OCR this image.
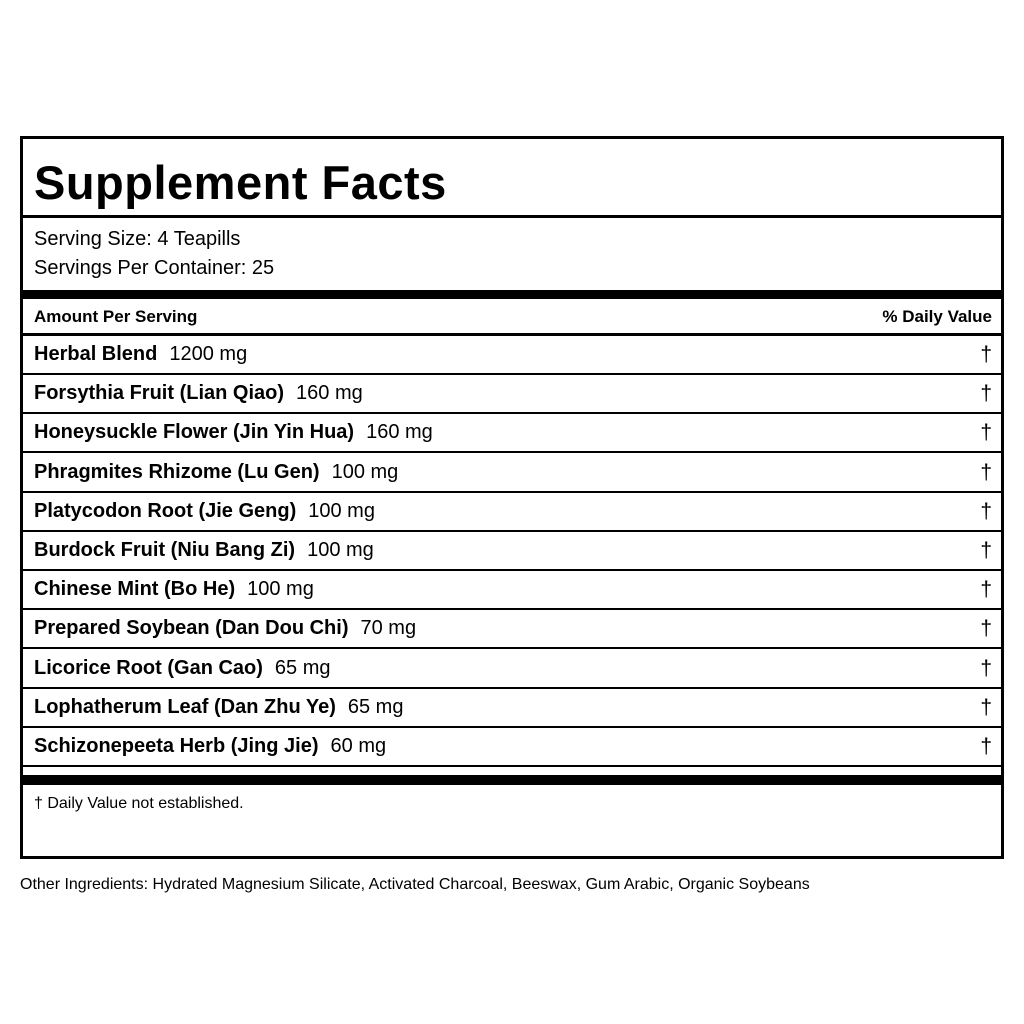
Supplement Facts
Serving Size: 4 Teapills
Servings Per Container: 25
Amount Per Serving	% Daily Value
Herbal Blend 1200 mg	†
Forsythia Fruit (Lian Qiao) 160 mg	†
Honeysuckle Flower (Jin Yin Hua) 160 mg	†
Phragmites Rhizome (Lu Gen) 100 mg	†
Platycodon Root (Jie Geng) 100 mg	†
Burdock Fruit (Niu Bang Zi) 100 mg	†
Chinese Mint (Bo He) 100 mg	†
Prepared Soybean (Dan Dou Chi) 70 mg	†
Licorice Root (Gan Cao) 65 mg	†
Lophatherum Leaf (Dan Zhu Ye) 65 mg	†
Schizonepeeta Herb (Jing Jie) 60 mg	†
† Daily Value not established.
Other Ingredients: Hydrated Magnesium Silicate, Activated Charcoal, Beeswax, Gum Arabic, Organic Soybeans
